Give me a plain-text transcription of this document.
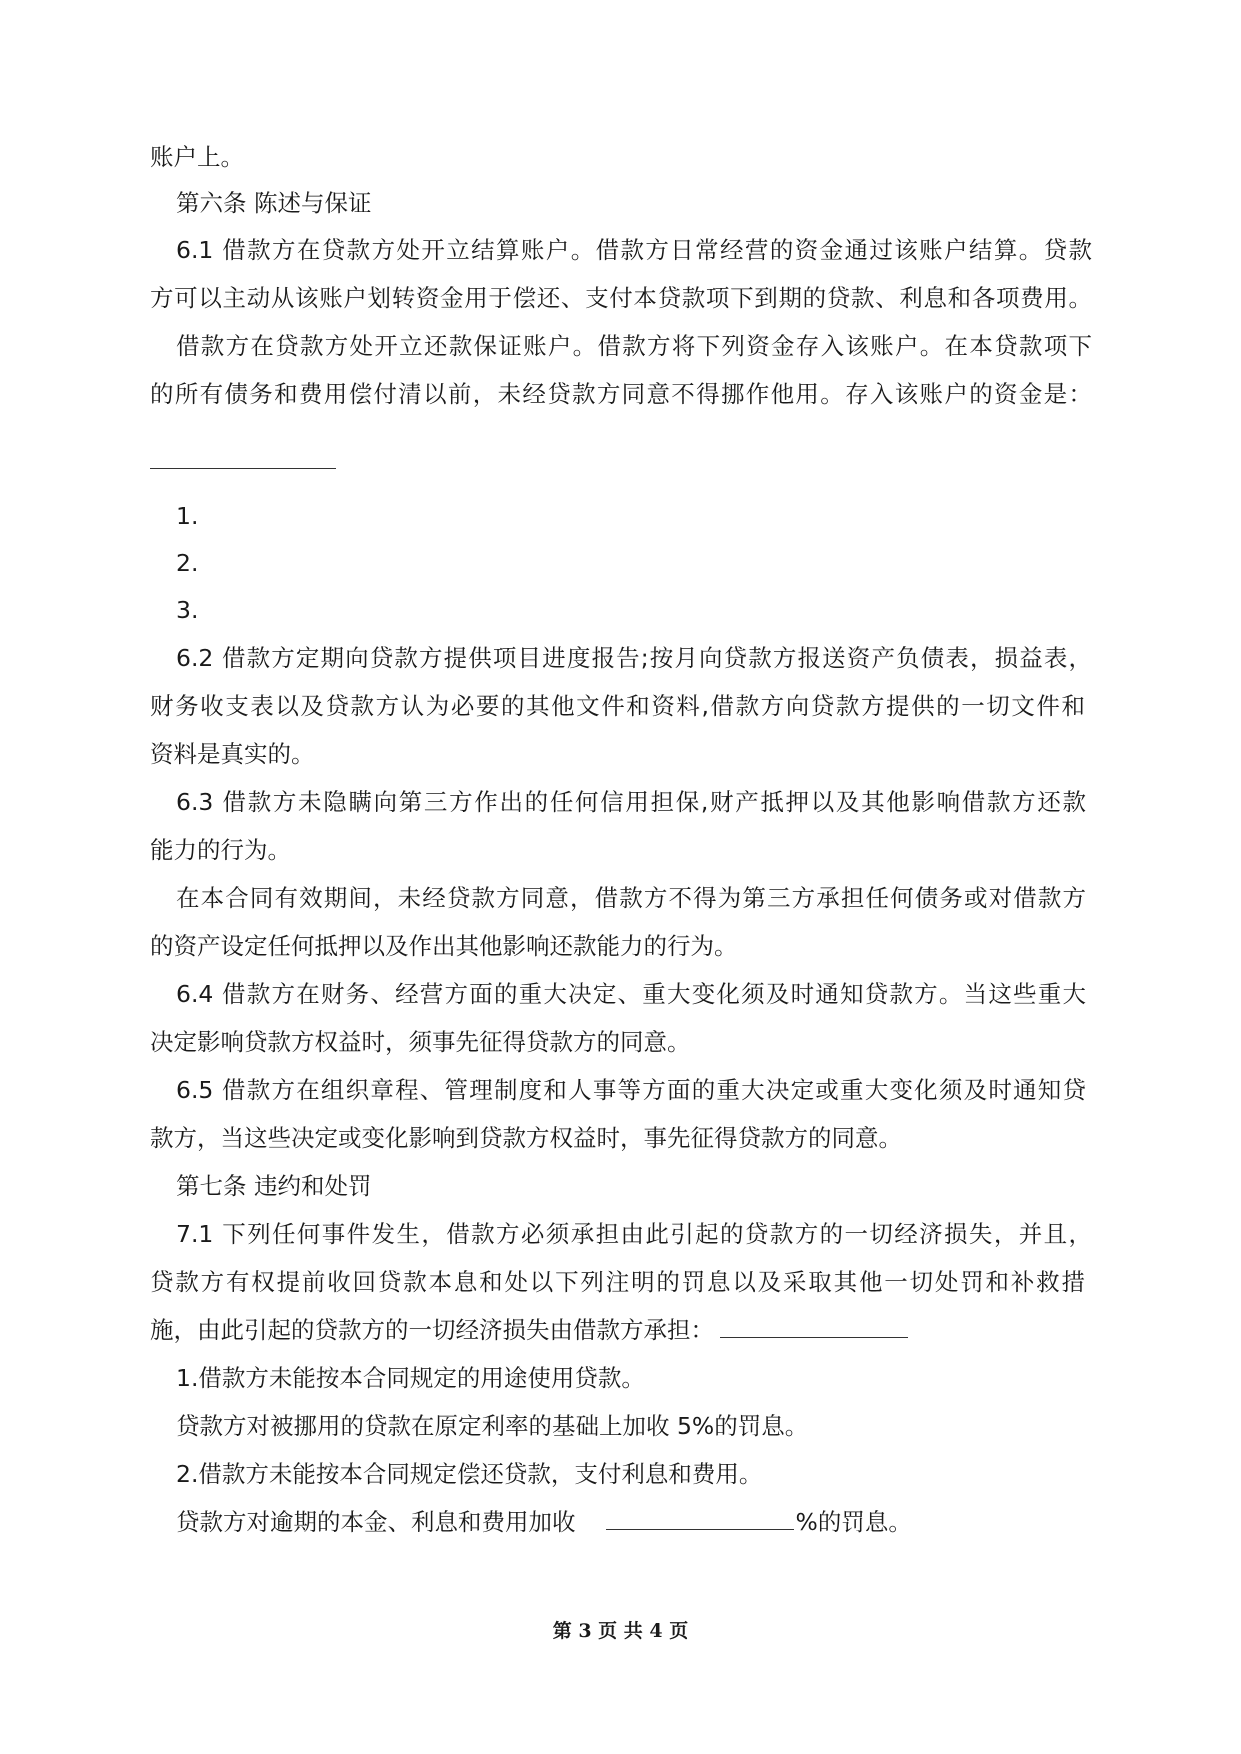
账户上。
第六条 陈述与保证
6.1 借款方在贷款方处开立结算账户。借款方日常经营的资金通过该账户结算。贷款
方可以主动从该账户划转资金用于偿还、支付本贷款项下到期的贷款、利息和各项费用。
借款方在贷款方处开立还款保证账户。借款方将下列资金存入该账户。在本贷款项下
的所有债务和费用偿付清以前，未经贷款方同意不得挪作他用。存入该账户的资金是：
1.
2.
3.
6.2 借款方定期向贷款方提供项目进度报告;按月向贷款方报送资产负债表，损益表，
财务收支表以及贷款方认为必要的其他文件和资料,借款方向贷款方提供的一切文件和
资料是真实的。
6.3 借款方未隐瞒向第三方作出的任何信用担保,财产抵押以及其他影响借款方还款
能力的行为。
在本合同有效期间，未经贷款方同意，借款方不得为第三方承担任何债务或对借款方
的资产设定任何抵押以及作出其他影响还款能力的行为。
6.4 借款方在财务、经营方面的重大决定、重大变化须及时通知贷款方。当这些重大
决定影响贷款方权益时，须事先征得贷款方的同意。
6.5 借款方在组织章程、管理制度和人事等方面的重大决定或重大变化须及时通知贷
款方，当这些决定或变化影响到贷款方权益时，事先征得贷款方的同意。
第七条 违约和处罚
7.1 下列任何事件发生，借款方必须承担由此引起的贷款方的一切经济损失，并且，
贷款方有权提前收回贷款本息和处以下列注明的罚息以及采取其他一切处罚和补救措
施，由此引起的贷款方的一切经济损失由借款方承担：
1.借款方未能按本合同规定的用途使用贷款。
贷款方对被挪用的贷款在原定利率的基础上加收 5%的罚息。
2.借款方未能按本合同规定偿还贷款，支付利息和费用。
贷款方对逾期的本金、利息和费用加收	%的罚息。
第 3 页 共 4 页
